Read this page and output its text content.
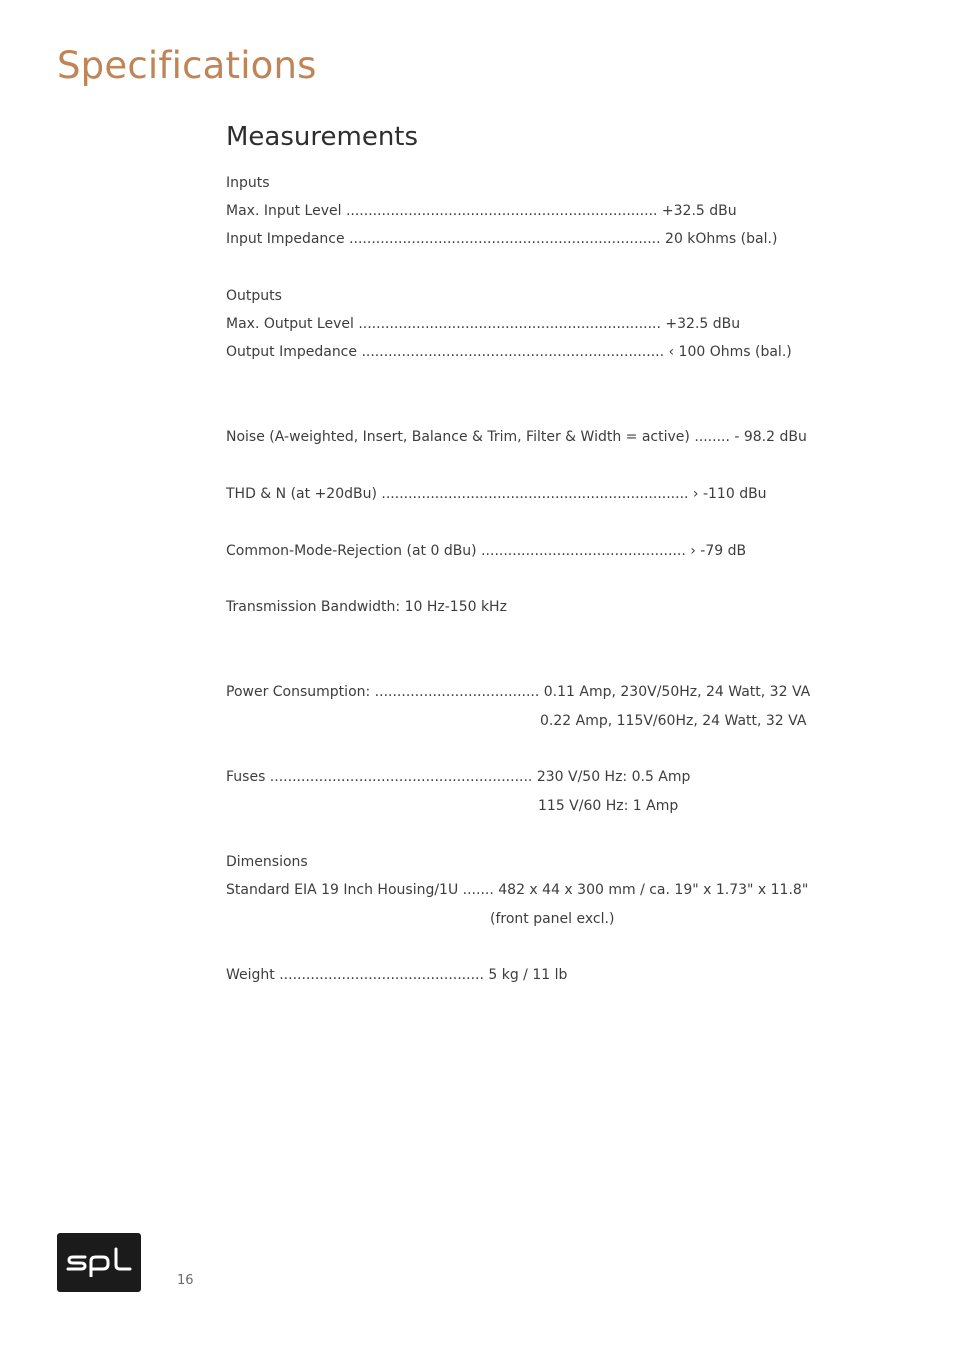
Specifications
Measurements
Inputs
Max. Input Level ...................................................................... +32.5 dBu
Input Impedance ...................................................................... 20 kOhms (bal.)
Outputs
Max. Output Level .................................................................... +32.5 dBu
Output Impedance .................................................................... ‹ 100 Ohms (bal.)
Noise (A-weighted, Insert, Balance & Trim, Filter & Width = active) ........ - 98.2 dBu
THD & N (at +20dBu) ..................................................................... › -110 dBu
Common-Mode-Rejection (at 0 dBu) .............................................. › -79 dB
Transmission Bandwidth: 10 Hz-150 kHz
Power Consumption: ..................................... 0.11 Amp, 230V/50Hz, 24 Watt, 32 VA
0.22 Amp, 115V/60Hz, 24 Watt, 32 VA
Fuses ........................................................... 230 V/50 Hz: 0.5 Amp
115 V/60 Hz: 1 Amp
Dimensions
Standard EIA 19 Inch Housing/1U ....... 482 x 44 x 300 mm / ca. 19" x 1.73" x 11.8"
(front panel excl.)
Weight .............................................. 5 kg / 11 lb
16
